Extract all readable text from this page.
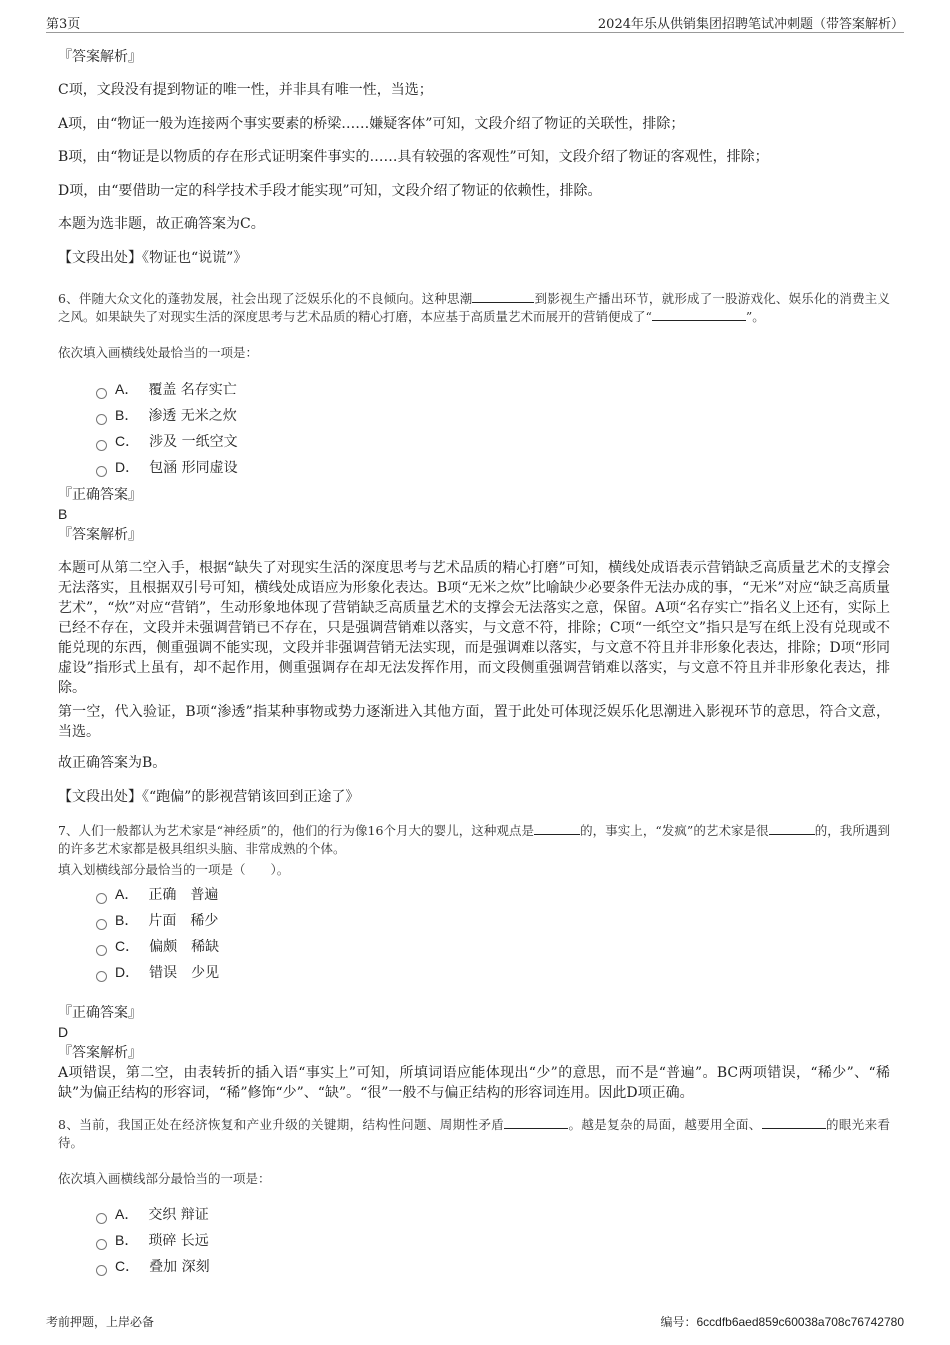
第3页	2024年乐从供销集团招聘笔试冲刺题（带答案解析）
『答案解析』
C项，文段没有提到物证的唯一性，并非具有唯一性，当选；
A项，由“物证一般为连接两个事实要素的桥梁……嫌疑客体”可知，文段介绍了物证的关联性，排除；
B项，由“物证是以物质的存在形式证明案件事实的……具有较强的客观性”可知，文段介绍了物证的客观性，排除；
D项，由“要借助一定的科学技术手段才能实现”可知，文段介绍了物证的依赖性，排除。
本题为选非题，故正确答案为C。
【文段出处】《物证也“说谎”》
6、伴随大众文化的蓬勃发展，社会出现了泛娱乐化的不良倾向。这种思潮	到影视生产播出环节，就形成了一股游戏化、娱乐化的消费主义之风。如果缺失了对现实生活的深度思考与艺术品质的精心打磨，本应基于高质量艺术而展开的营销便成了“	”。
依次填入画横线处最恰当的一项是：
A． 覆盖 名存实亡
B． 渗透 无米之炊
C． 涉及 一纸空文
D． 包涵 形同虚设
『正确答案』
B
『答案解析』
本题可从第二空入手，根据“缺失了对现实生活的深度思考与艺术品质的精心打磨”可知，横线处成语表示营销缺乏高质量艺术的支撑会无法落实，且根据双引号可知，横线处成语应为形象化表达。B项“无米之炊”比喻缺少必要条件无法办成的事，“无米”对应“缺乏高质量艺术”，“炊”对应“营销”，生动形象地体现了营销缺乏高质量艺术的支撑会无法落实之意，保留。A项“名存实亡”指名义上还有，实际上已经不存在，文段并未强调营销已不存在，只是强调营销难以落实，与文意不符，排除；C项“一纸空文”指只是写在纸上没有兑现或不能兑现的东西，侧重强调不能实现，文段并非强调营销无法实现，而是强调难以落实，与文意不符且并非形象化表达，排除；D项“形同虚设”指形式上虽有，却不起作用，侧重强调存在却无法发挥作用，而文段侧重强调营销难以落实，与文意不符且并非形象化表达，排除。
第一空，代入验证，B项“渗透”指某种事物或势力逐渐进入其他方面，置于此处可体现泛娱乐化思潮进入影视环节的意思，符合文意，当选。
故正确答案为B。
【文段出处】《“跑偏”的影视营销该回到正途了》
7、人们一般都认为艺术家是“神经质”的，他们的行为像16个月大的婴儿，这种观点是	的，事实上，“发疯”的艺术家是很	的，我所遇到的许多艺术家都是极具组织头脑、非常成熟的个体。
填入划横线部分最恰当的一项是（　　）。
A． 正确　普遍
B． 片面　稀少
C． 偏颇　稀缺
D． 错误　少见
『正确答案』
D
『答案解析』
A项错误，第二空，由表转折的插入语“事实上”可知，所填词语应能体现出“少”的意思，而不是“普遍”。BC两项错误，“稀少”、“稀缺”为偏正结构的形容词，“稀”修饰“少”、“缺”。“很”一般不与偏正结构的形容词连用。因此D项正确。
8、当前，我国正处在经济恢复和产业升级的关键期，结构性问题、周期性矛盾	。越是复杂的局面，越要用全面、	的眼光来看待。
依次填入画横线部分最恰当的一项是：
A． 交织 辩证
B． 琐碎 长远
C． 叠加 深刻
考前押题，上岸必备	编号：6ccdfb6aed859c60038a708c76742780
